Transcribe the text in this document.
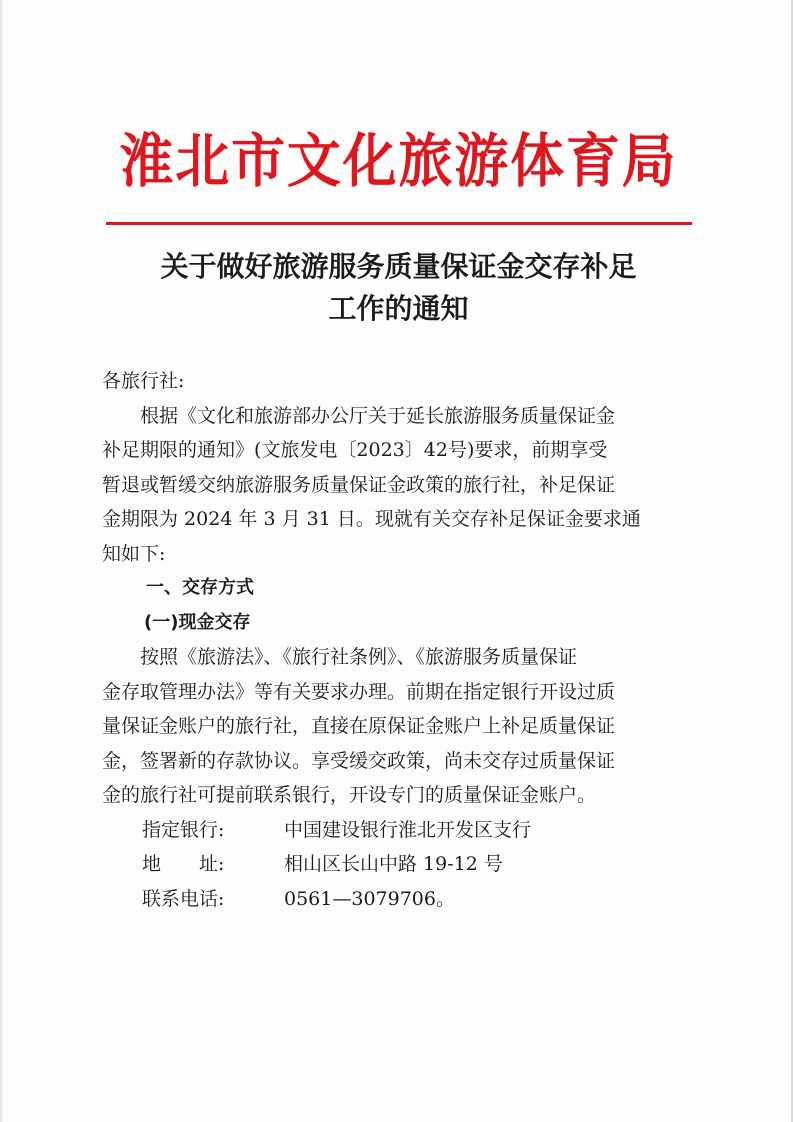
淮北市文化旅游体育局
关于做好旅游服务质量保证金交存补足
工作的通知
各旅行社:
根据《文化和旅游部办公厅关于延长旅游服务质量保证金
补足期限的通知》(文旅发电〔2023〕42号)要求，前期享受
暂退或暂缓交纳旅游服务质量保证金政策的旅行社，补足保证
金期限为 2024 年 3 月 31 日。现就有关交存补足保证金要求通
知如下:
一、交存方式
(一)现金交存
按照《旅游法》、《旅行社条例》、《旅游服务质量保证
金存取管理办法》等有关要求办理。前期在指定银行开设过质
量保证金账户的旅行社，直接在原保证金账户上补足质量保证
金，签署新的存款协议。享受缓交政策，尚未交存过质量保证
金的旅行社可提前联系银行，开设专门的质量保证金账户。
指定银行:	中国建设银行淮北开发区支行
地　　址:	相山区长山中路 19-12 号
联系电话:	0561—3079706。
